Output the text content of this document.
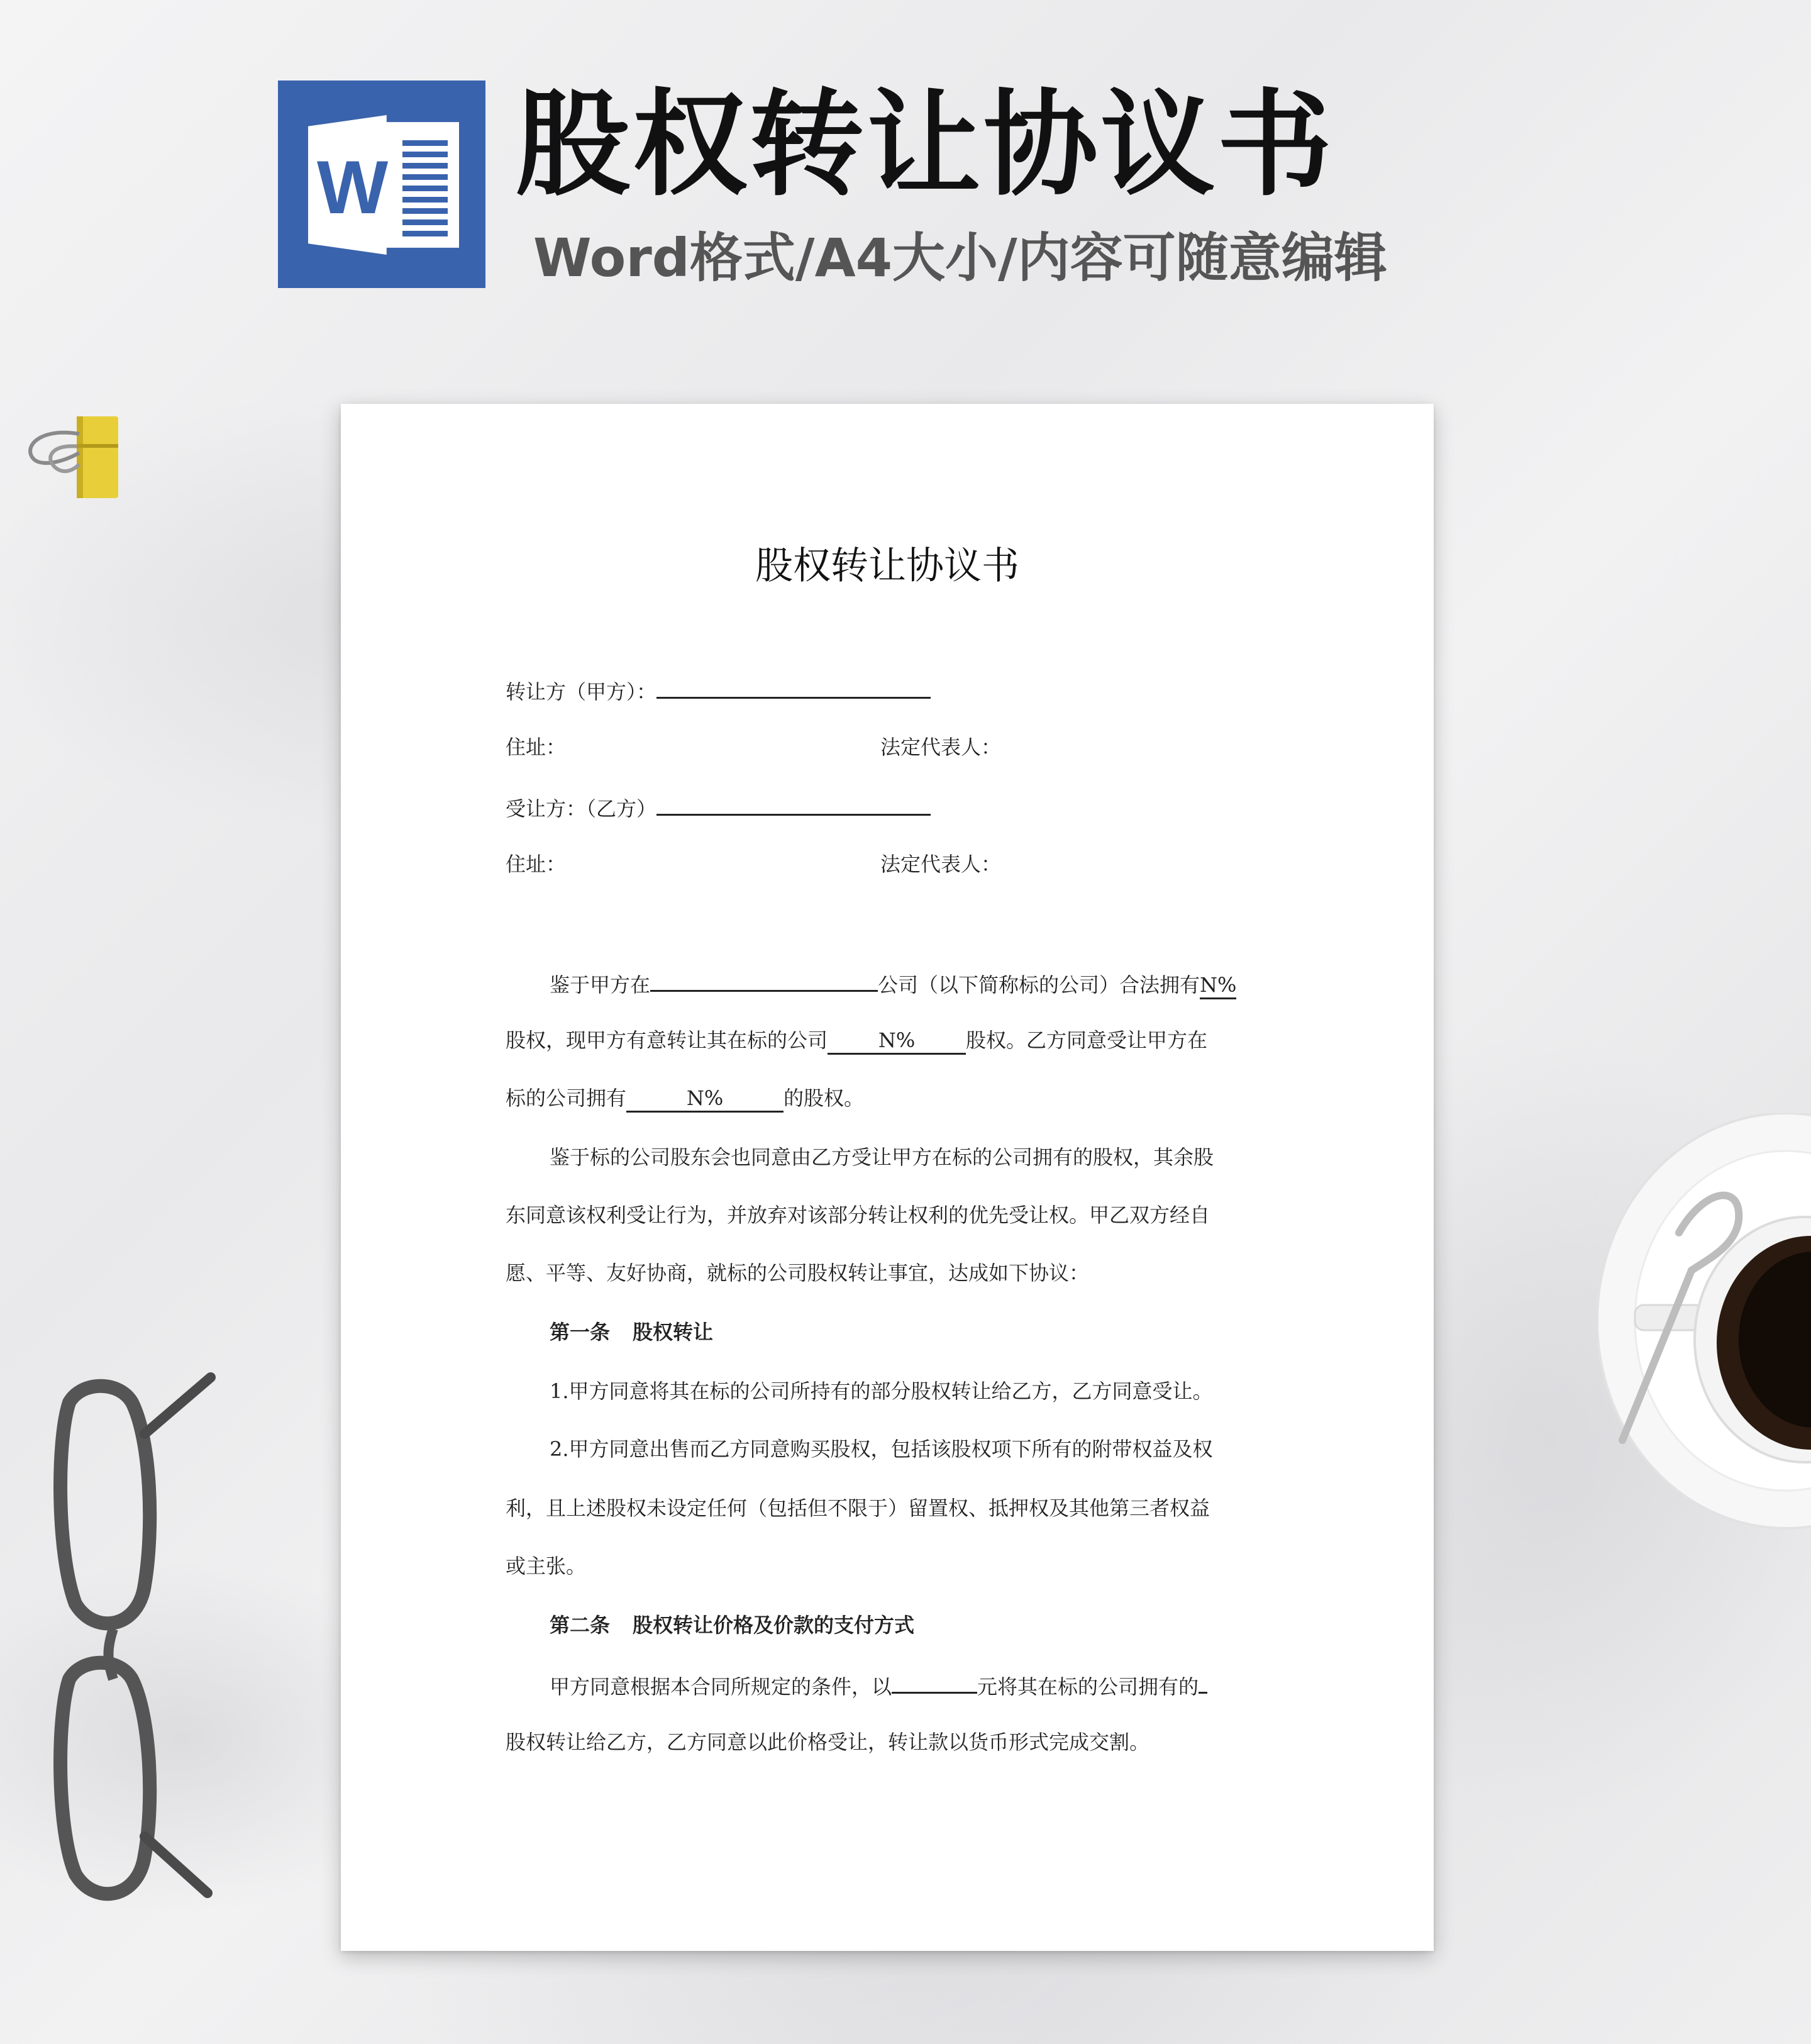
W 股权转让协议书
Word格式/A4大小/内容可随意编辑
股权转让协议书
转让方（甲方）：
住址：	法定代表人：
受让方：（乙方）
住址：	法定代表人：
鉴于甲方在	公司（以下简称标的公司）合法拥有N%
股权，现甲方有意转让其在标的公司	N%	股权。乙方同意受让甲方在
标的公司拥有	N%	的股权。
鉴于标的公司股东会也同意由乙方受让甲方在标的公司拥有的股权，其余股
东同意该权利受让行为，并放弃对该部分转让权利的优先受让权。甲乙双方经自
愿、平等、友好协商，就标的公司股权转让事宜，达成如下协议：
第一条 股权转让
1.甲方同意将其在标的公司所持有的部分股权转让给乙方，乙方同意受让。
2.甲方同意出售而乙方同意购买股权，包括该股权项下所有的附带权益及权
利，且上述股权未设定任何（包括但不限于）留置权、抵押权及其他第三者权益
或主张。
第二条 股权转让价格及价款的支付方式
甲方同意根据本合同所规定的条件，以	元将其在标的公司拥有的
股权转让给乙方，乙方同意以此价格受让，转让款以货币形式完成交割。
